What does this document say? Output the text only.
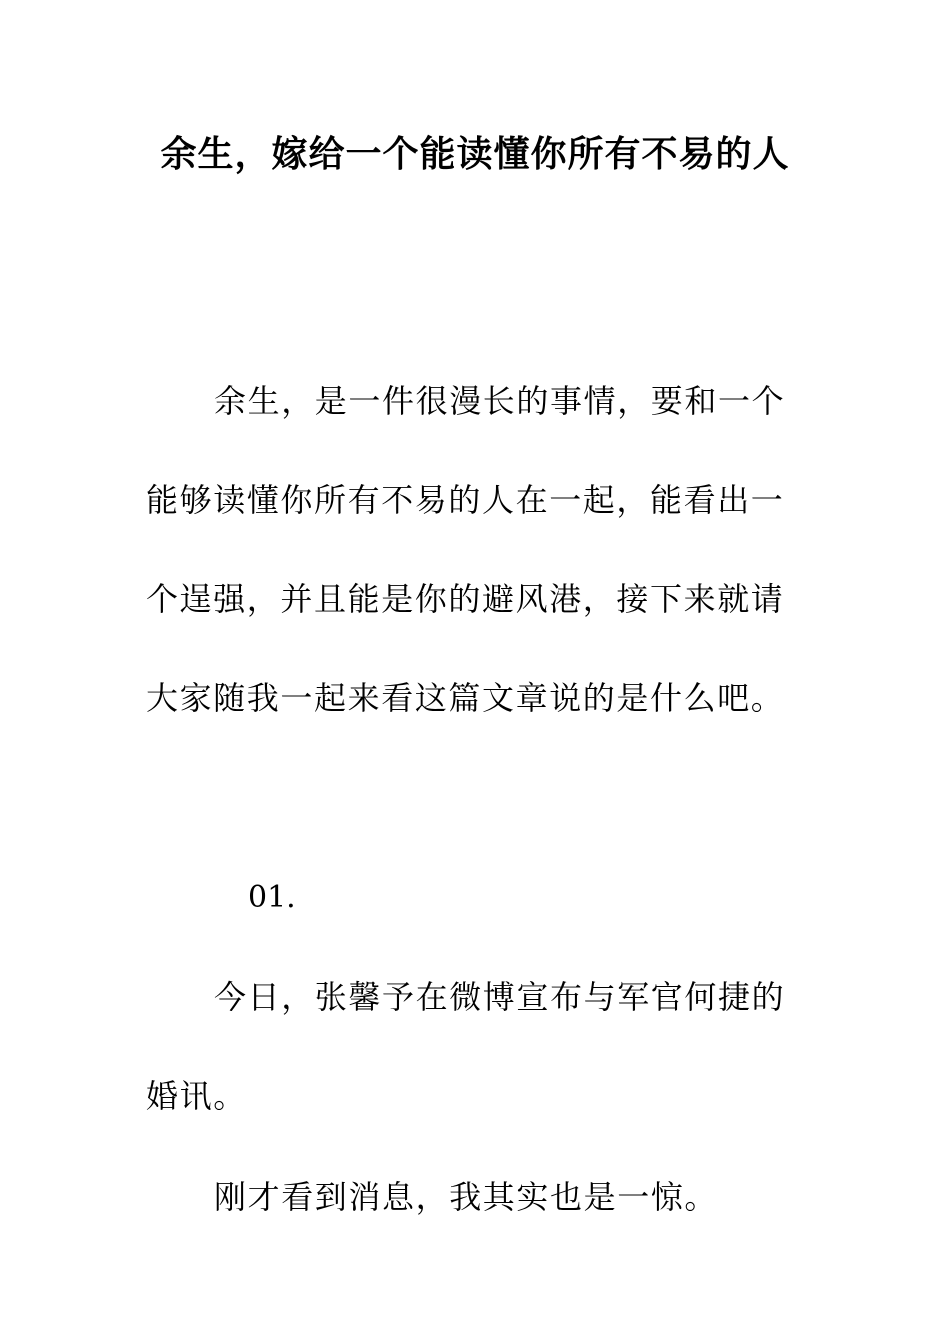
余生，嫁给一个能读懂你所有不易的人

余生，是一件很漫长的事情，要和一个能够读懂你所有不易的人在一起，能看出一个逞强，并且能是你的避风港，接下来就请大家随我一起来看这篇文章说的是什么吧。

01.

今日，张馨予在微博宣布与军官何捷的婚讯。

刚才看到消息，我其实也是一惊。
